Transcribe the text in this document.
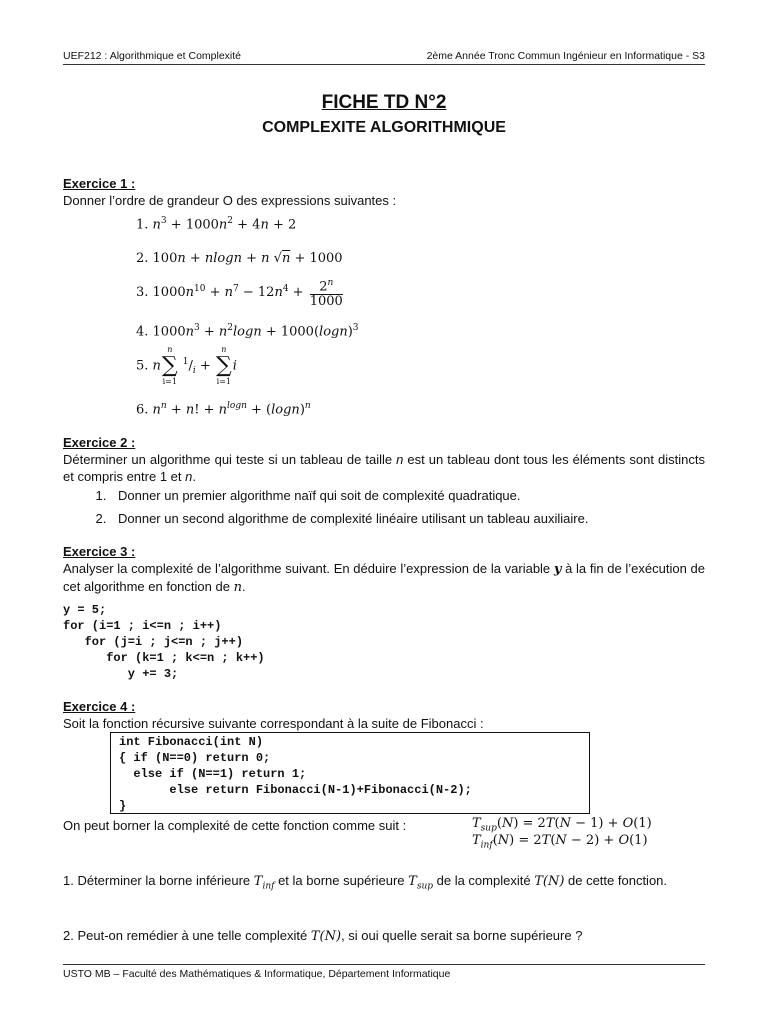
UEF212 : Algorithmique et Complexité	2ème Année Tronc Commun Ingénieur en Informatique - S3
FICHE TD N°2
COMPLEXITE ALGORITHMIQUE
Exercice 1 :
Donner l’ordre de grandeur O des expressions suivantes :
1. $n^3 + 1000n^2 + 4n + 2$
2. 100n + nlogn + n √n + 1000
3. $1000n^{10} + n^7 - 12n^4 + \frac{2^n}{1000}$
4. $1000n^3 + n^2\log n + 1000(\log n)^3$
5. n
n
∑
i=1
$^1/_i$ +
n
∑
i=1
i
6. $n^n + n$! + $n^{logn} + (\log n)^n$
Exercice 2 :
Déterminer un algorithme qui teste si un tableau de taille n est un tableau dont tous les éléments sont distincts et compris entre 1 et n.
1. Donner un premier algorithme naïf qui soit de complexité quadratique.
2. Donner un second algorithme de complexité linéaire utilisant un tableau auxiliaire.
Exercice 3 :
Analyser la complexité de l’algorithme suivant. En déduire l’expression de la variable y à la fin de l’exécution de cet algorithme en fonction de n.
y = 5;
for (i=1 ; i<=n ; i++)
for (j=i ; j<=n ; j++)
for (k=1 ; k<=n ; k++)
y += 3;
Exercice 4 :
Soit la fonction récursive suivante correspondant à la suite de Fibonacci :
int Fibonacci(int N)
{ if (N==0) return 0;
else if (N==1) return 1;
else return Fibonacci(N-1)+Fibonacci(N-2);
}
On peut borner la complexité de cette fonction comme suit :	$T_{sup}(N) = 2T(N - 1) + O(1)$
$T_{inf}(N) = 2T(N - 2) + O(1)$
1. Déterminer la borne inférieure $T_{inf}$ et la borne supérieure $T_{sup}$ de la complexité T(N) de cette fonction.
2. Peut-on remédier à une telle complexité T(N), si oui quelle serait sa borne supérieure ?
USTO MB – Faculté des Mathématiques & Informatique, Département Informatique
